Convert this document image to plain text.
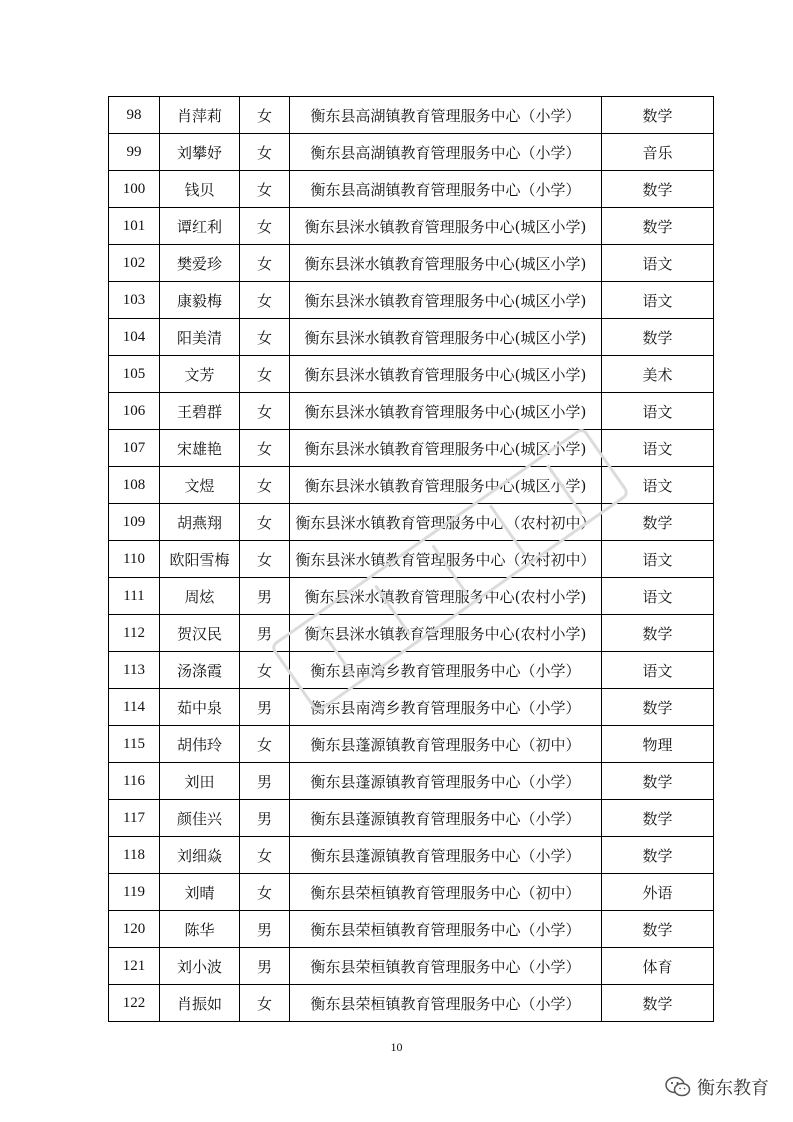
98	肖萍莉	女	衡东县高湖镇教育管理服务中心（小学）	数学
99	刘攀妤	女	衡东县高湖镇教育管理服务中心（小学）	音乐
100	钱贝	女	衡东县高湖镇教育管理服务中心（小学）	数学
101	谭红利	女	衡东县洣水镇教育管理服务中心(城区小学)	数学
102	樊爱珍	女	衡东县洣水镇教育管理服务中心(城区小学)	语文
103	康毅梅	女	衡东县洣水镇教育管理服务中心(城区小学)	语文
104	阳美清	女	衡东县洣水镇教育管理服务中心(城区小学)	数学
105	文芳	女	衡东县洣水镇教育管理服务中心(城区小学)	美术
106	王碧群	女	衡东县洣水镇教育管理服务中心(城区小学)	语文
107	宋雄艳	女	衡东县洣水镇教育管理服务中心(城区小学)	语文
108	文煜	女	衡东县洣水镇教育管理服务中心(城区小学)	语文
109	胡燕翔	女	衡东县洣水镇教育管理服务中心（农村初中）	数学
110	欧阳雪梅	女	衡东县洣水镇教育管理服务中心（农村初中）	语文
111	周炫	男	衡东县洣水镇教育管理服务中心(农村小学)	语文
112	贺汉民	男	衡东县洣水镇教育管理服务中心(农村小学)	数学
113	汤涤霞	女	衡东县南湾乡教育管理服务中心（小学）	语文
114	茹中泉	男	衡东县南湾乡教育管理服务中心（小学）	数学
115	胡伟玲	女	衡东县蓬源镇教育管理服务中心（初中）	物理
116	刘田	男	衡东县蓬源镇教育管理服务中心（小学）	数学
117	颜佳兴	男	衡东县蓬源镇教育管理服务中心（小学）	数学
118	刘细焱	女	衡东县蓬源镇教育管理服务中心（小学）	数学
119	刘晴	女	衡东县荣桓镇教育管理服务中心（初中）	外语
120	陈华	男	衡东县荣桓镇教育管理服务中心（小学）	数学
121	刘小波	男	衡东县荣桓镇教育管理服务中心（小学）	体育
122	肖振如	女	衡东县荣桓镇教育管理服务中心（小学）	数学
10
衡东教育
